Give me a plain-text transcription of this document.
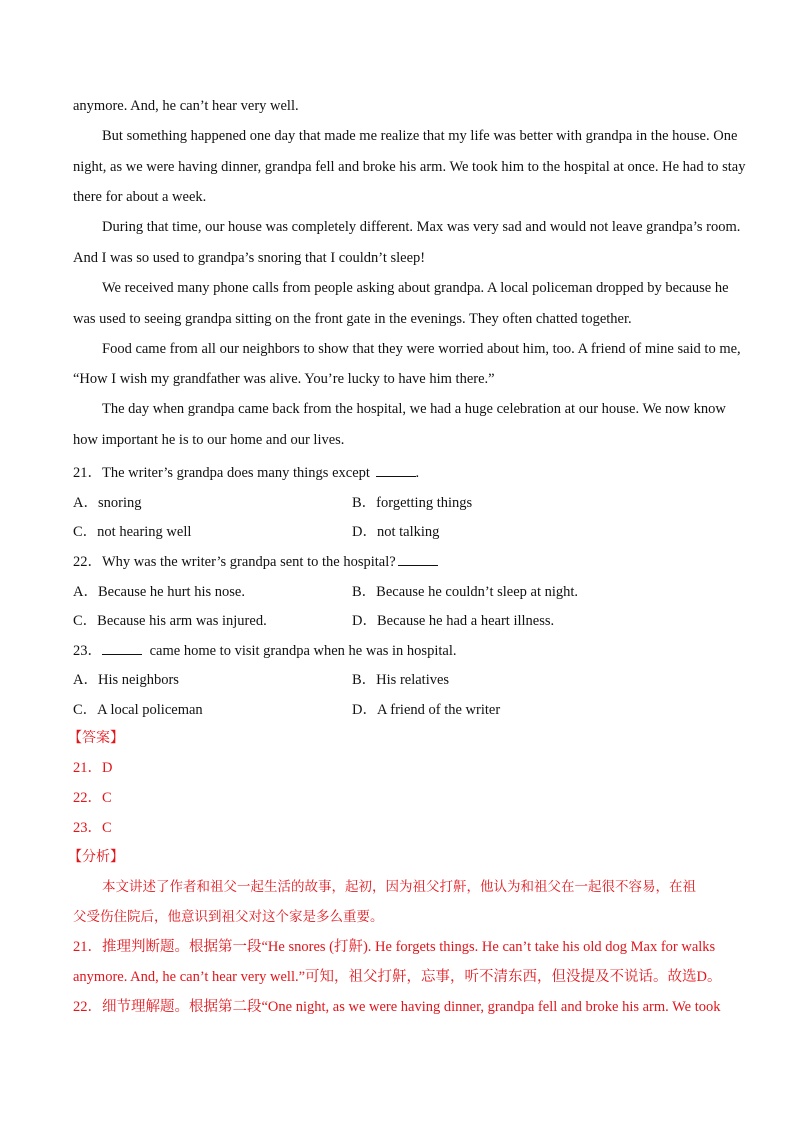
anymore. And, he can’t hear very well.
But something happened one day that made me realize that my life was better with grandpa in the house. One
night, as we were having dinner, grandpa fell and broke his arm. We took him to the hospital at once. He had to stay
there for about a week.
During that time, our house was completely different. Max was very sad and would not leave grandpa’s room.
And I was so used to grandpa’s snoring that I couldn’t sleep!
We received many phone calls from people asking about grandpa. A local policeman dropped by because he
was used to seeing grandpa sitting on the front gate in the evenings. They often chatted together.
Food came from all our neighbors to show that they were worried about him, too. A friend of mine said to me,
“How I wish my grandfather was alive. You’re lucky to have him there.”
The day when grandpa came back from the hospital, we had a huge celebration at our house. We now know
how important he is to our home and our lives.
21．The writer’s grandpa does many things except	.
A．snoring	B．forgetting things
C．not hearing well	D．not talking
22．Why was the writer’s grandpa sent to the hospital?
A．Because he hurt his nose.	B．Because he couldn’t sleep at night.
C．Because his arm was injured.	D．Because he had a heart illness.
23．	came home to visit grandpa when he was in hospital.
A．His neighbors	B．His relatives
C．A local policeman	D．A friend of the writer
【答案】
21．D
22．C
23．C
【分析】
本文讲述了作者和祖父一起生活的故事，起初，因为祖父打鼾，他认为和祖父在一起很不容易，在祖
父受伤住院后，他意识到祖父对这个家是多么重要。
21．推理判断题。根据第一段“He snores (打鼾). He forgets things. He can’t take his old dog Max for walks
anymore. And, he can’t hear very well.”可知，祖父打鼾，忘事，听不清东西，但没提及不说话。故选D。
22．细节理解题。根据第二段“One night, as we were having dinner, grandpa fell and broke his arm. We took
